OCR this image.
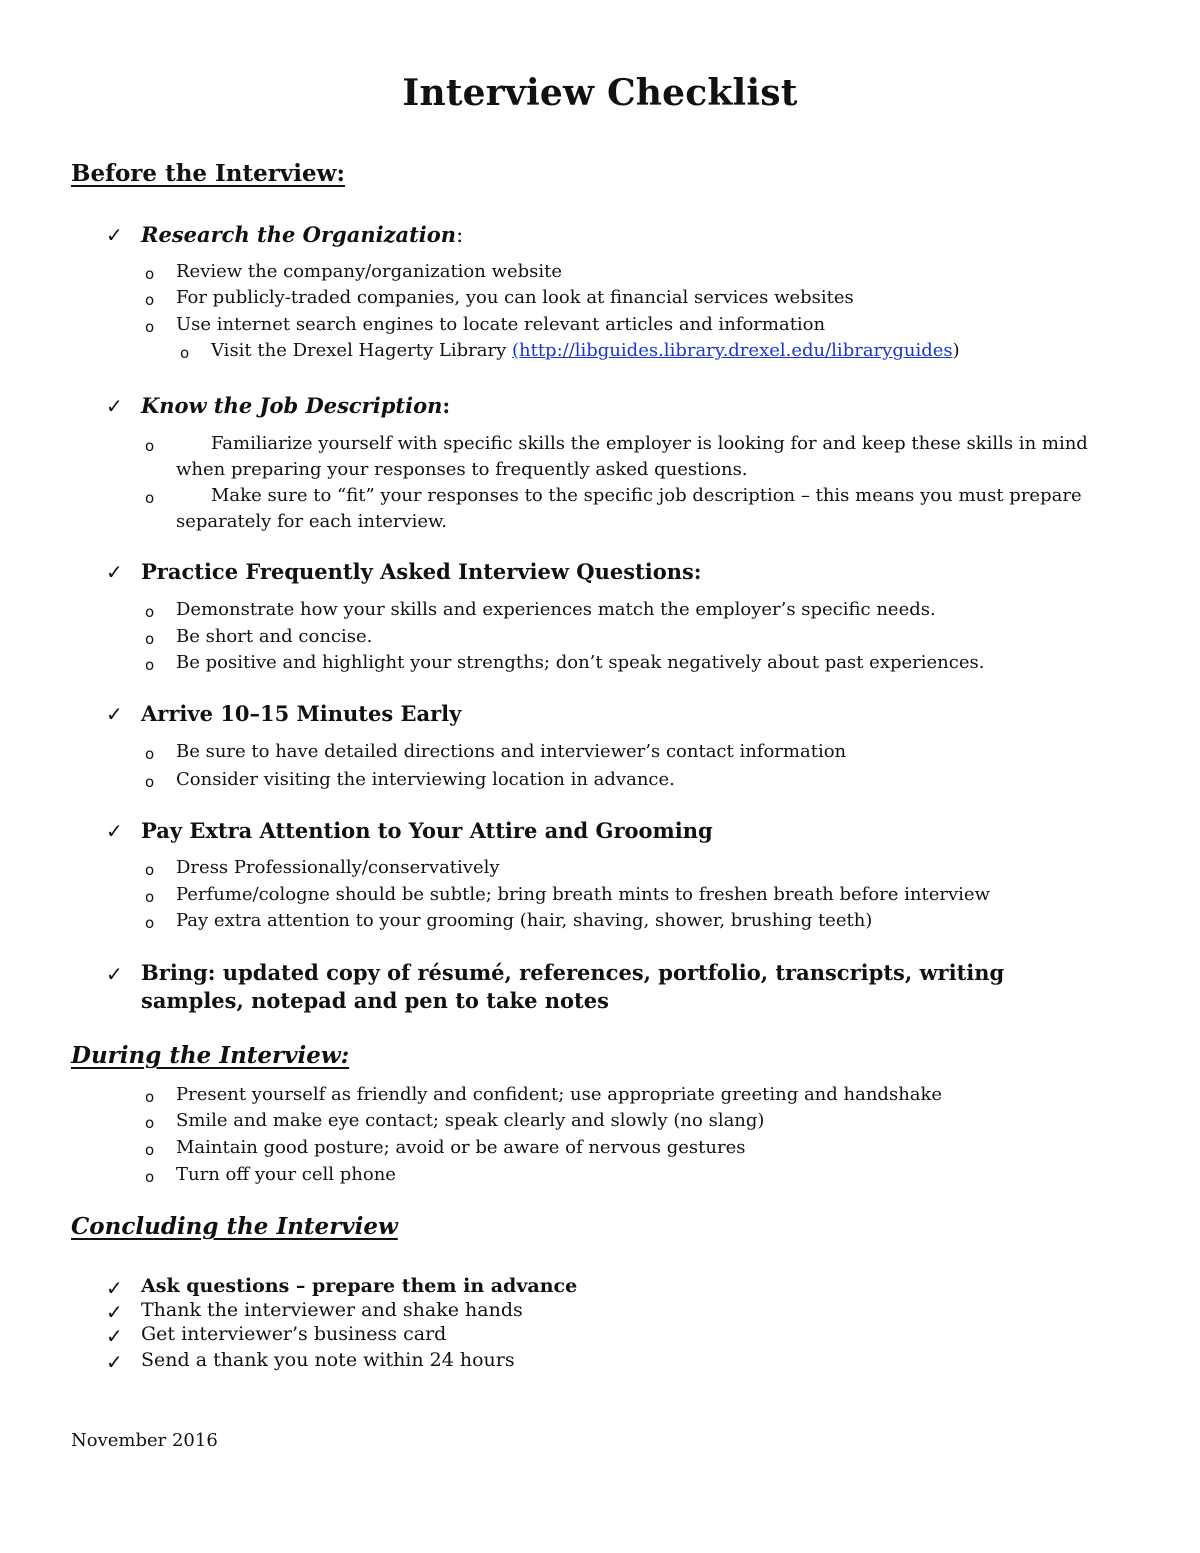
Interview Checklist
Before the Interview:
✓ Research the Organization:
o Review the company/organization website
o For publicly-traded companies, you can look at financial services websites
o Use internet search engines to locate relevant articles and information
o Visit the Drexel Hagerty Library (http://libguides.library.drexel.edu/libraryguides)
✓ Know the Job Description:
o	Familiarize yourself with specific skills the employer is looking for and keep these skills in mind
when preparing your responses to frequently asked questions.
o	Make sure to “fit” your responses to the specific job description – this means you must prepare
separately for each interview.
✓ Practice Frequently Asked Interview Questions:
o Demonstrate how your skills and experiences match the employer’s specific needs.
o Be short and concise.
o Be positive and highlight your strengths; don’t speak negatively about past experiences.
✓ Arrive 10–15 Minutes Early
o Be sure to have detailed directions and interviewer’s contact information
o Consider visiting the interviewing location in advance.
✓ Pay Extra Attention to Your Attire and Grooming
o Dress Professionally/conservatively
o Perfume/cologne should be subtle; bring breath mints to freshen breath before interview
o Pay extra attention to your grooming (hair, shaving, shower, brushing teeth)
✓ Bring: updated copy of résumé, references, portfolio, transcripts, writing
samples, notepad and pen to take notes
During the Interview:
o Present yourself as friendly and confident; use appropriate greeting and handshake
o Smile and make eye contact; speak clearly and slowly (no slang)
o Maintain good posture; avoid or be aware of nervous gestures
o Turn off your cell phone
Concluding the Interview
✓ Ask questions – prepare them in advance
✓ Thank the interviewer and shake hands
✓ Get interviewer’s business card
✓ Send a thank you note within 24 hours
November 2016
